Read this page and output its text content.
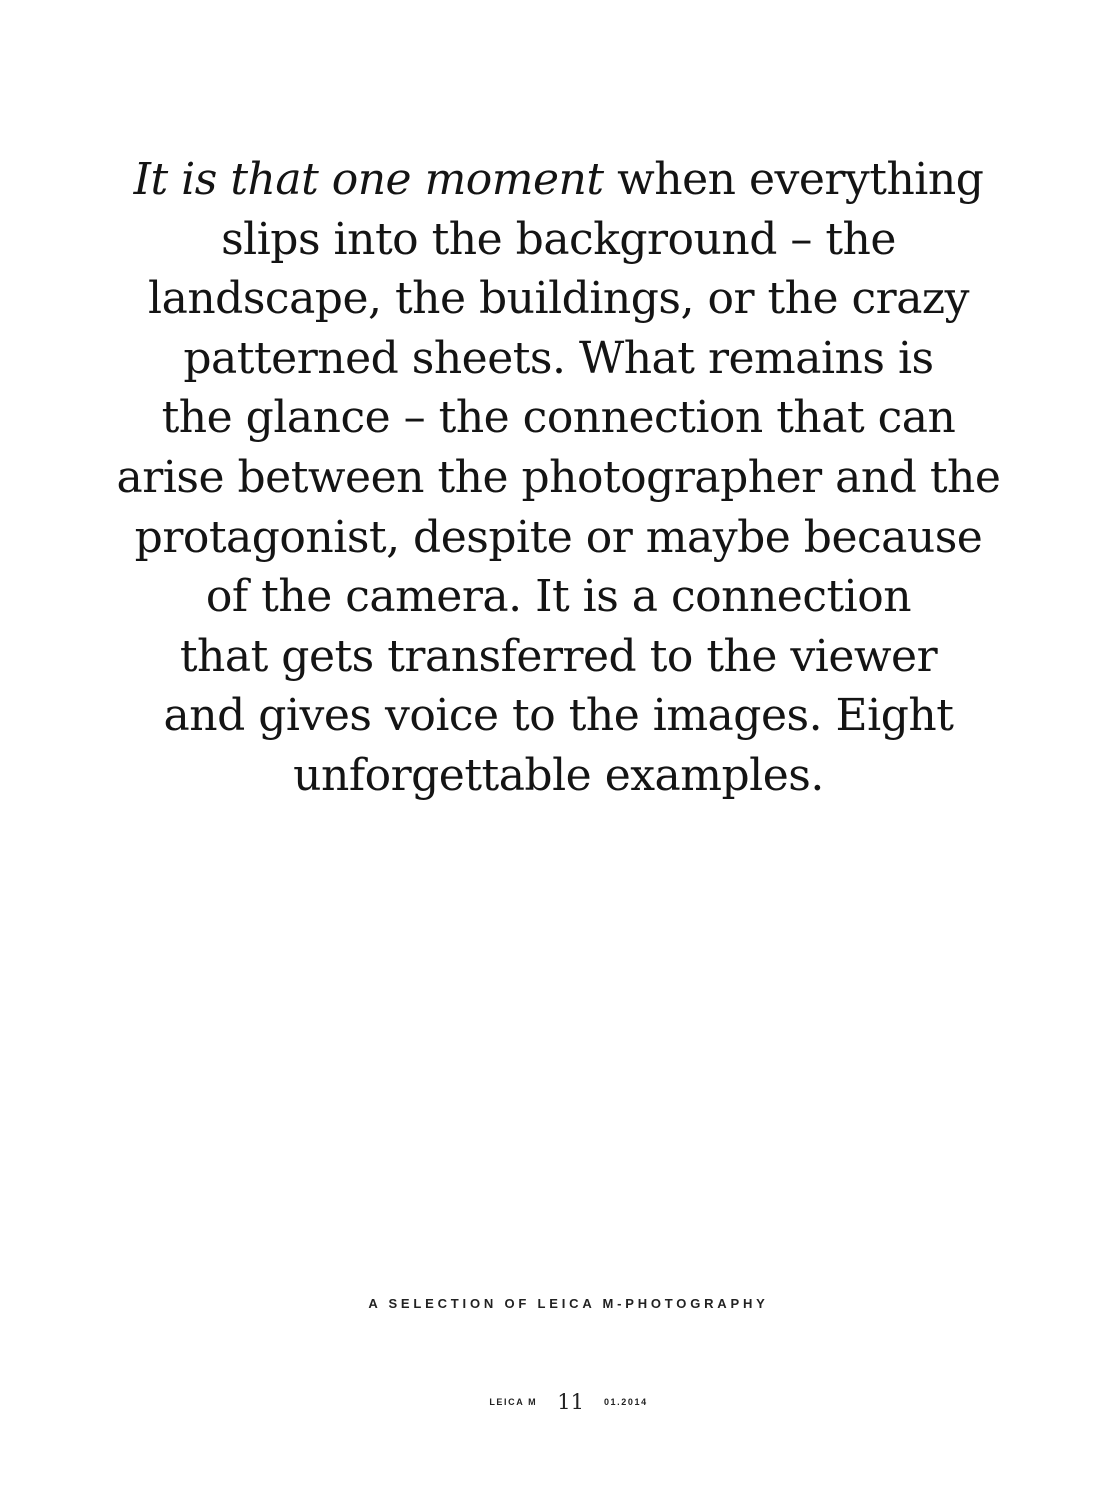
It is that one moment when everything
slips into the background – the
landscape, the buildings, or the crazy
patterned sheets. What remains is
the glance – the connection that can
arise between the photographer and the
protagonist, despite or maybe because
of the camera. It is a connection
that gets transferred to the viewer
and gives voice to the images. Eight
unforgettable examples.

A SELECTION OF LEICA M-PHOTOGRAPHY
LEICA M 11 01.2014
